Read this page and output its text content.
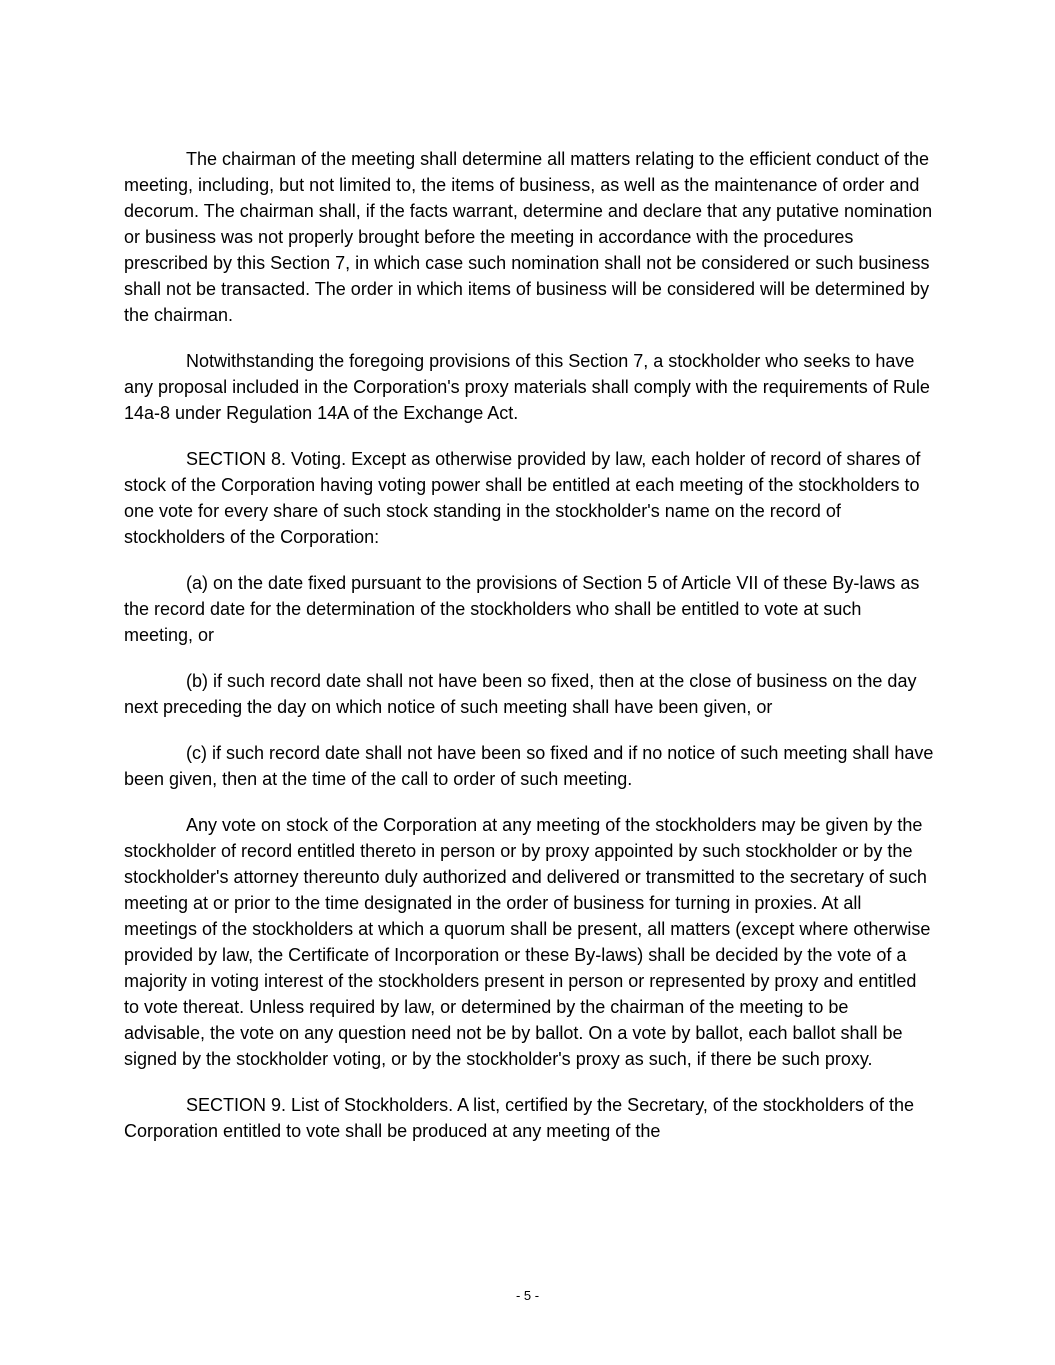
The chairman of the meeting shall determine all matters relating to the efficient conduct of the meeting, including, but not limited to, the items of business, as well as the maintenance of order and decorum. The chairman shall, if the facts warrant, determine and declare that any putative nomination or business was not properly brought before the meeting in accordance with the procedures prescribed by this Section 7, in which case such nomination shall not be considered or such business shall not be transacted. The order in which items of business will be considered will be determined by the chairman.

Notwithstanding the foregoing provisions of this Section 7, a stockholder who seeks to have any proposal included in the Corporation's proxy materials shall comply with the requirements of Rule 14a-8 under Regulation 14A of the Exchange Act.

SECTION 8. Voting. Except as otherwise provided by law, each holder of record of shares of stock of the Corporation having voting power shall be entitled at each meeting of the stockholders to one vote for every share of such stock standing in the stockholder's name on the record of stockholders of the Corporation:

(a) on the date fixed pursuant to the provisions of Section 5 of Article VII of these By-laws as the record date for the determination of the stockholders who shall be entitled to vote at such meeting, or

(b) if such record date shall not have been so fixed, then at the close of business on the day next preceding the day on which notice of such meeting shall have been given, or

(c) if such record date shall not have been so fixed and if no notice of such meeting shall have been given, then at the time of the call to order of such meeting.

Any vote on stock of the Corporation at any meeting of the stockholders may be given by the stockholder of record entitled thereto in person or by proxy appointed by such stockholder or by the stockholder's attorney thereunto duly authorized and delivered or transmitted to the secretary of such meeting at or prior to the time designated in the order of business for turning in proxies. At all meetings of the stockholders at which a quorum shall be present, all matters (except where otherwise provided by law, the Certificate of Incorporation or these By-laws) shall be decided by the vote of a majority in voting interest of the stockholders present in person or represented by proxy and entitled to vote thereat. Unless required by law, or determined by the chairman of the meeting to be advisable, the vote on any question need not be by ballot. On a vote by ballot, each ballot shall be signed by the stockholder voting, or by the stockholder's proxy as such, if there be such proxy.

SECTION 9. List of Stockholders. A list, certified by the Secretary, of the stockholders of the Corporation entitled to vote shall be produced at any meeting of the

- 5 -
